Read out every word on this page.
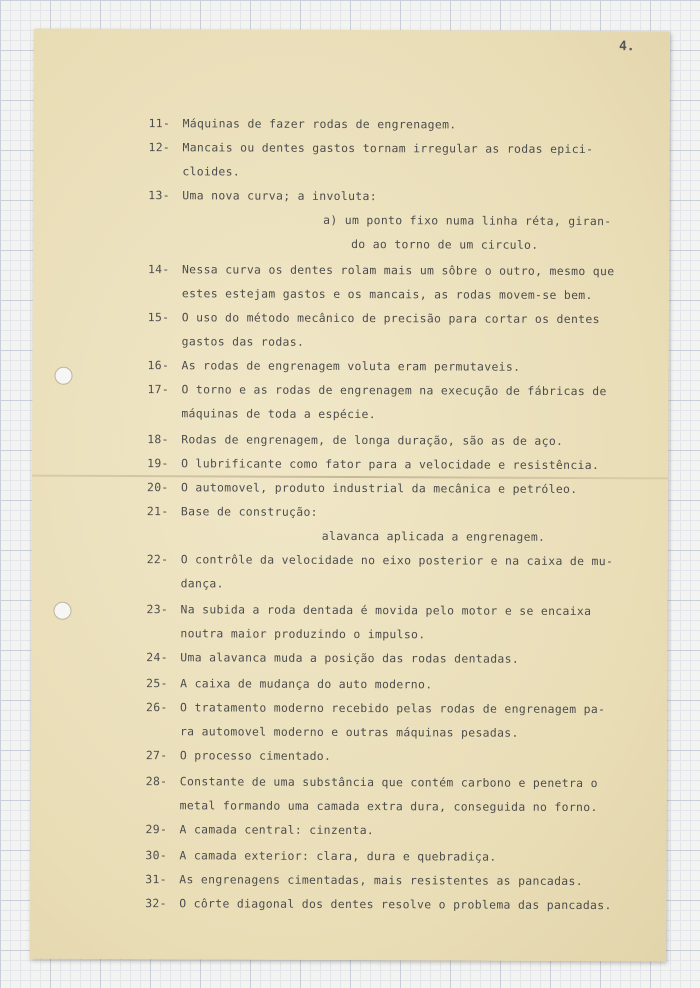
4.
11- Máquinas de fazer rodas de engrenagem.
12- Mancais ou dentes gastos tornam irregular as rodas epici-
cloides.
13- Uma nova curva; a involuta:
a) um ponto fixo numa linha réta, giran-
do ao torno de um circulo.
14- Nessa curva os dentes rolam mais um sôbre o outro, mesmo que
estes estejam gastos e os mancais, as rodas movem-se bem.
15- O uso do método mecânico de precisão para cortar os dentes
gastos das rodas.
16- As rodas de engrenagem voluta eram permutaveis.
17- O torno e as rodas de engrenagem na execução de fábricas de
máquinas de toda a espécie.
18- Rodas de engrenagem, de longa duração, são as de aço.
19- O lubrificante como fator para a velocidade e resistência.
20- O automovel, produto industrial da mecânica e petróleo.
21- Base de construção:
alavanca aplicada a engrenagem.
22- O contrôle da velocidade no eixo posterior e na caixa de mu-
dança.
23- Na subida a roda dentada é movida pelo motor e se encaixa
noutra maior produzindo o impulso.
24- Uma alavanca muda a posição das rodas dentadas.
25- A caixa de mudança do auto moderno.
26- O tratamento moderno recebido pelas rodas de engrenagem pa-
ra automovel moderno e outras máquinas pesadas.
27- O processo cimentado.
28- Constante de uma substância que contém carbono e penetra o
metal formando uma camada extra dura, conseguida no forno.
29- A camada central: cinzenta.
30- A camada exterior: clara, dura e quebradiça.
31- As engrenagens cimentadas, mais resistentes as pancadas.
32- O côrte diagonal dos dentes resolve o problema das pancadas.
